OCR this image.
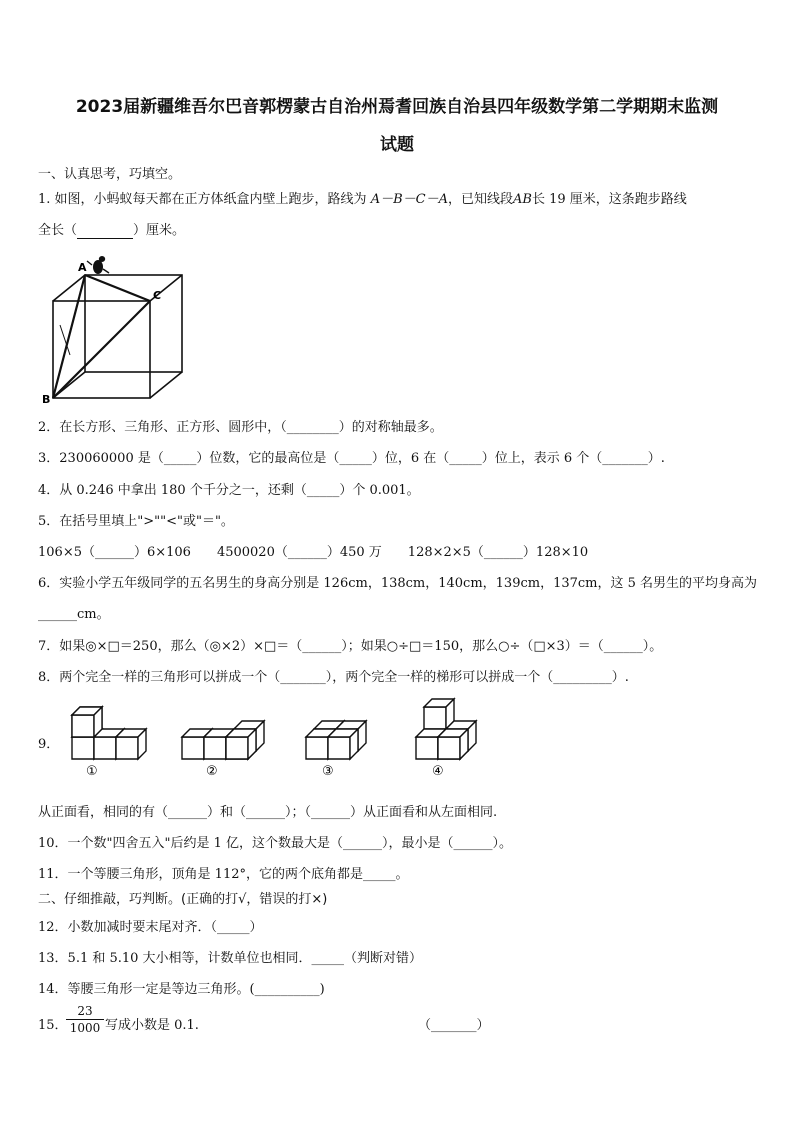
2023届新疆维吾尔巴音郭楞蒙古自治州焉耆回族自治县四年级数学第二学期期末监测
试题
一、认真思考，巧填空。
1. 如图，小蚂蚁每天都在正方体纸盒内壁上跑步，路线为 A－B－C－A，已知线段AB长 19 厘米，这条跑步路线
全长（	）厘米。
A
C
B
2．在长方形、三角形、正方形、圆形中，（________）的对称轴最多。
3．230060000 是（_____）位数，它的最高位是（_____）位，6 在（_____）位上，表示 6 个（_______）.
4．从 0.246 中拿出 180 个千分之一，还剩（_____）个 0.001。
5．在括号里填上">""<"或"＝"。
106×5（______）6×106　　4500020（______）450 万　　128×2×5（______）128×10
6．实验小学五年级同学的五名男生的身高分别是 126cm，138cm，140cm，139cm，137cm，这 5 名男生的平均身高为
______cm。
7．如果◎×□＝250，那么（◎×2）×□＝（______）；如果○÷□＝150，那么○÷（□×3）＝（______）。
8．两个完全一样的三角形可以拼成一个（_______），两个完全一样的梯形可以拼成一个（_________）.
9．
①	②	③	④
从正面看，相同的有（______）和（______）；（______）从正面看和从左面相同.
10．一个数"四舍五入"后约是 1 亿，这个数最大是（______），最小是（______）。
11．一个等腰三角形，顶角是 112°，它的两个底角都是_____。
二、仔细推敲，巧判断。(正确的打√，错误的打×)
12．小数加减时要末尾对齐．（_____）
13．5.1 和 5.10 大小相等，计数单位也相同．_____（判断对错）
14．等腰三角形一定是等边三角形。(__________)
15．
$\frac{23}{1000}$ 写成小数是 0.1.	（_______）
